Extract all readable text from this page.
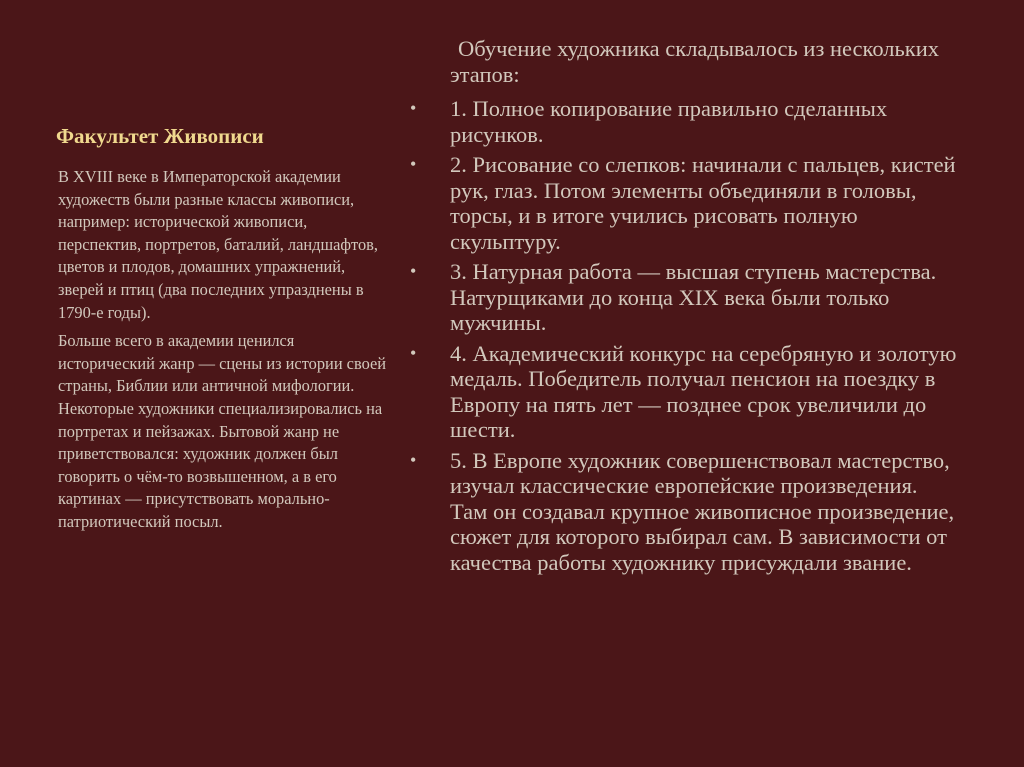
Факультет Живописи

В XVIII веке в Императорской академии художеств были разные классы живописи, например: исторической живописи, перспектив, портретов, баталий, ландшафтов, цветов и плодов, домашних упражнений, зверей и птиц (два последних упразднены в 1790-е годы).

Больше всего в академии ценился исторический жанр — сцены из истории своей страны, Библии или античной мифологии. Некоторые художники специализировались на портретах и пейзажах. Бытовой жанр не приветствовался: художник должен был говорить о чём-то возвышенном, а в его картинах — присутствовать морально-патриотический посыл.

Обучение художника складывалось из нескольких этапов:
• 1. Полное копирование правильно сделанных рисунков.
• 2. Рисование со слепков: начинали с пальцев, кистей рук, глаз. Потом элементы объединяли в головы, торсы, и в итоге учились рисовать полную скульптуру.
• 3. Натурная работа — высшая ступень мастерства. Натурщиками до конца XIX века были только мужчины.
• 4. Академический конкурс на серебряную и золотую медаль. Победитель получал пенсион на поездку в Европу на пять лет — позднее срок увеличили до шести.
• 5. В Европе художник совершенствовал мастерство, изучал классические европейские произведения. Там он создавал крупное живописное произведение, сюжет для которого выбирал сам. В зависимости от качества работы художнику присуждали звание.
